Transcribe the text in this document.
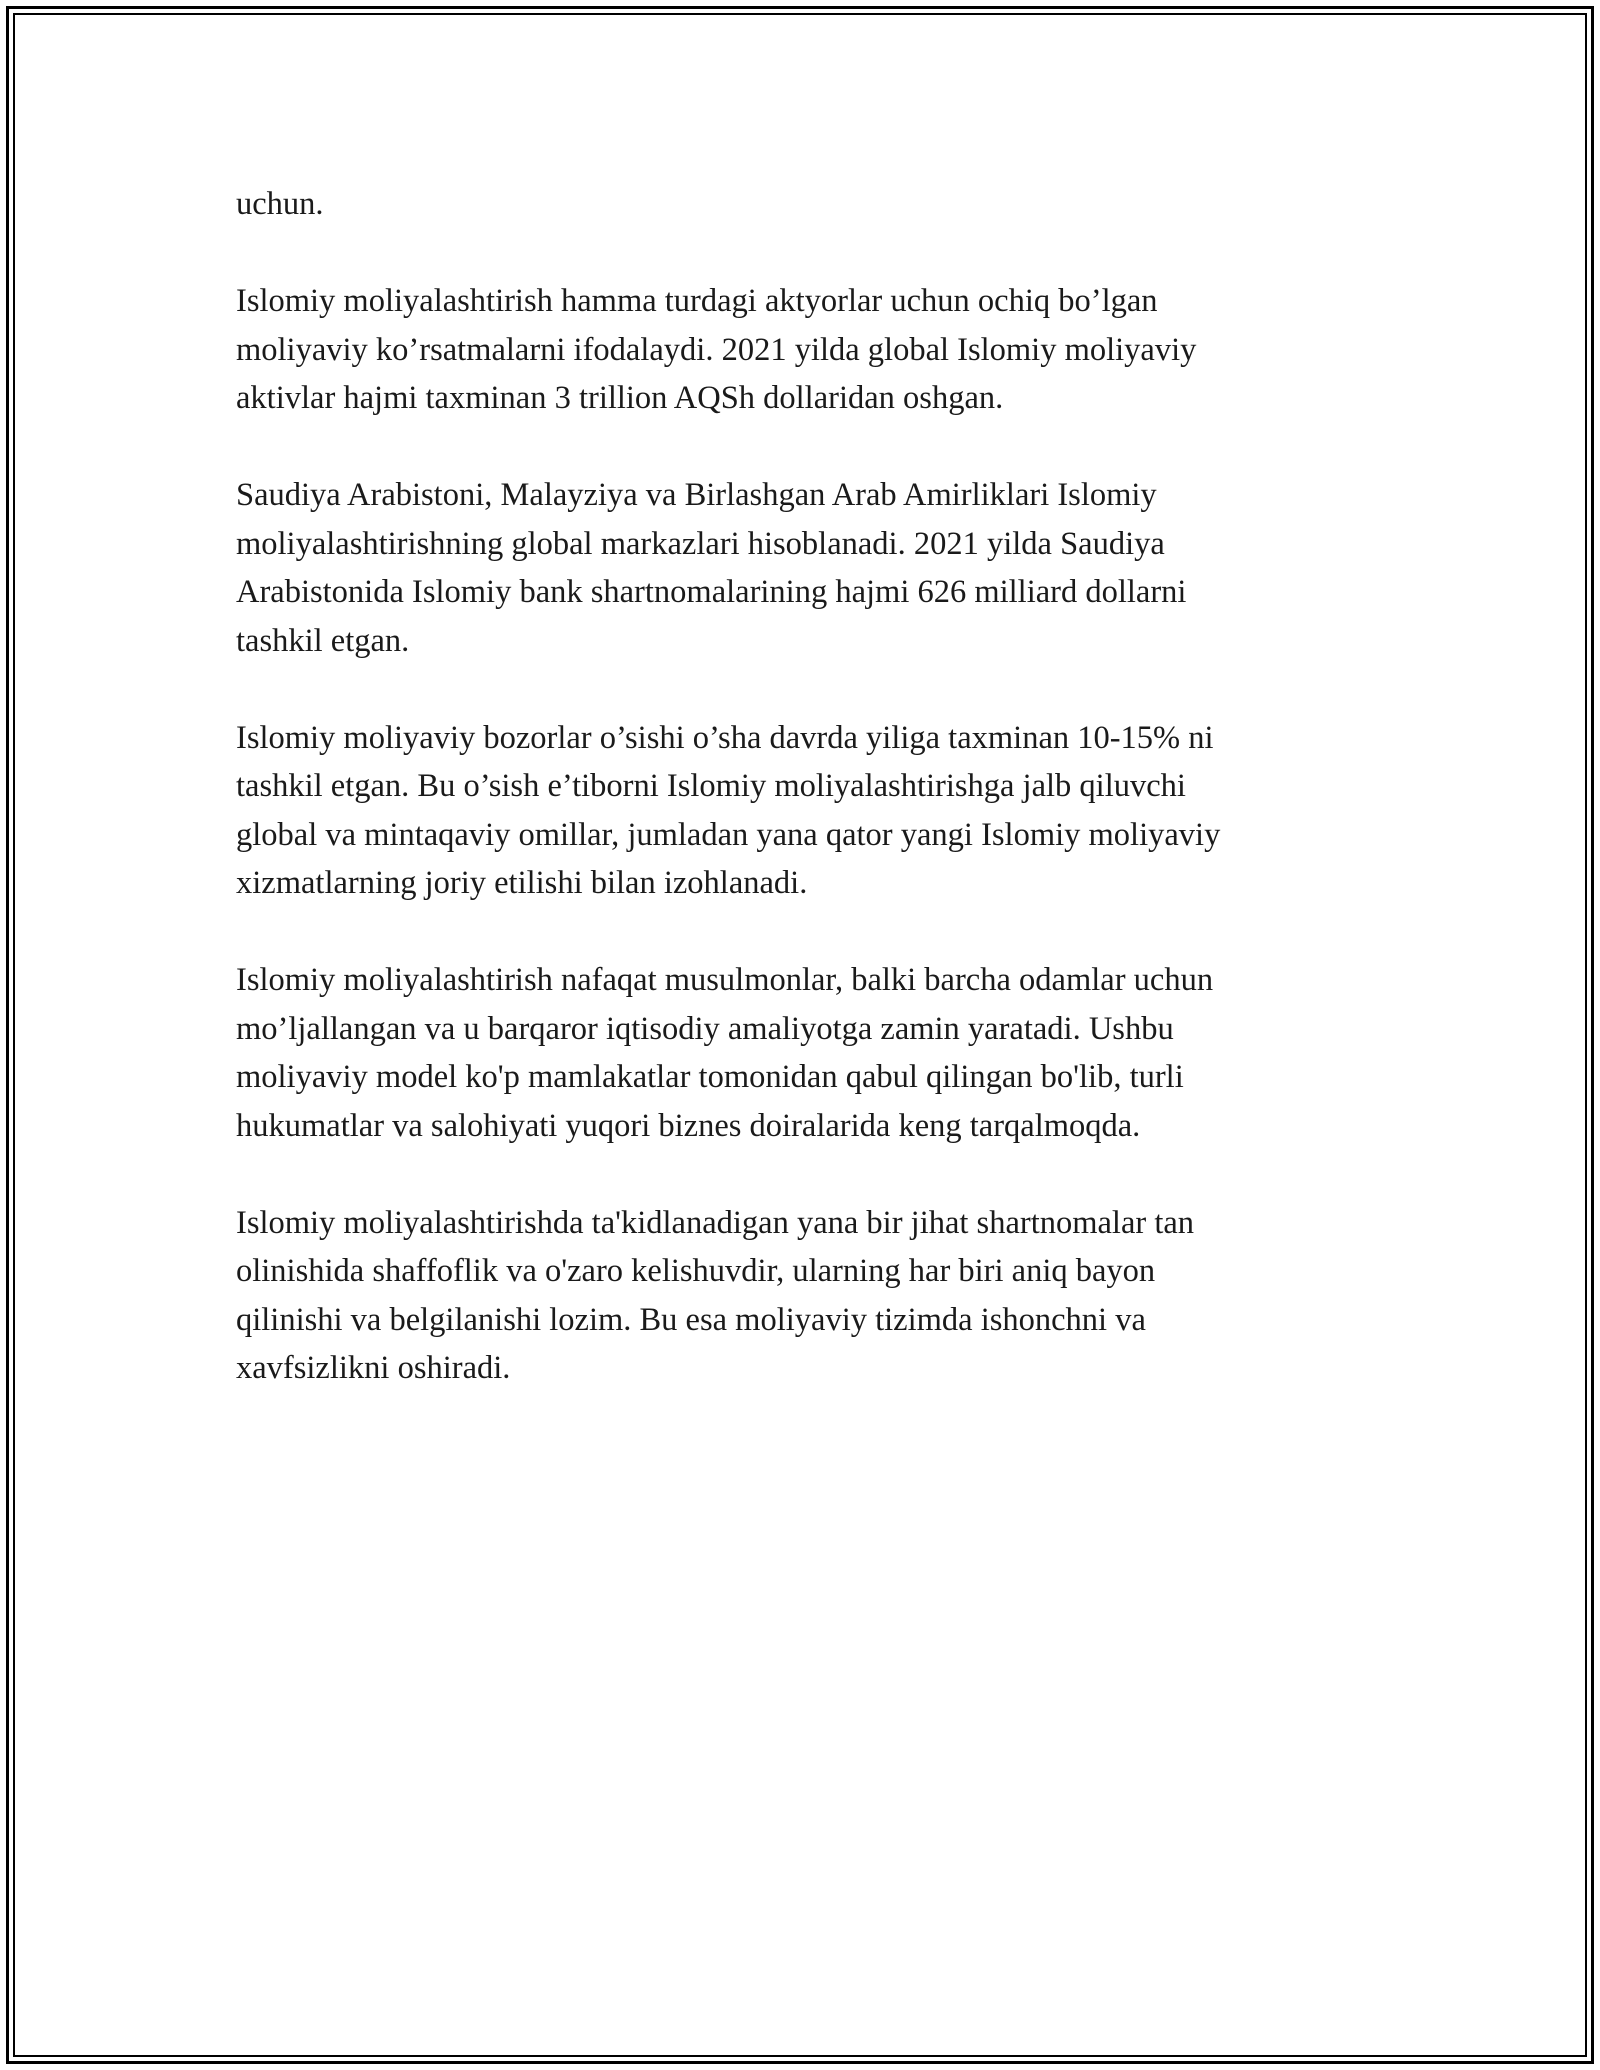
uchun.

Islomiy moliyalashtirish hamma turdagi aktyorlar uchun ochiq bo’lgan
moliyaviy ko’rsatmalarni ifodalaydi. 2021 yilda global Islomiy moliyaviy
aktivlar hajmi taxminan 3 trillion AQSh dollaridan oshgan.

Saudiya Arabistoni, Malayziya va Birlashgan Arab Amirliklari Islomiy
moliyalashtirishning global markazlari hisoblanadi. 2021 yilda Saudiya
Arabistonida Islomiy bank shartnomalarining hajmi 626 milliard dollarni
tashkil etgan.

Islomiy moliyaviy bozorlar o’sishi o’sha davrda yiliga taxminan 10-15% ni
tashkil etgan. Bu o’sish e’tiborni Islomiy moliyalashtirishga jalb qiluvchi
global va mintaqaviy omillar, jumladan yana qator yangi Islomiy moliyaviy
xizmatlarning joriy etilishi bilan izohlanadi.

Islomiy moliyalashtirish nafaqat musulmonlar, balki barcha odamlar uchun
mo’ljallangan va u barqaror iqtisodiy amaliyotga zamin yaratadi. Ushbu
moliyaviy model ko'p mamlakatlar tomonidan qabul qilingan bo'lib, turli
hukumatlar va salohiyati yuqori biznes doiralarida keng tarqalmoqda.

Islomiy moliyalashtirishda ta'kidlanadigan yana bir jihat shartnomalar tan
olinishida shaffoflik va o'zaro kelishuvdir, ularning har biri aniq bayon
qilinishi va belgilanishi lozim. Bu esa moliyaviy tizimda ishonchni va
xavfsizlikni oshiradi.
